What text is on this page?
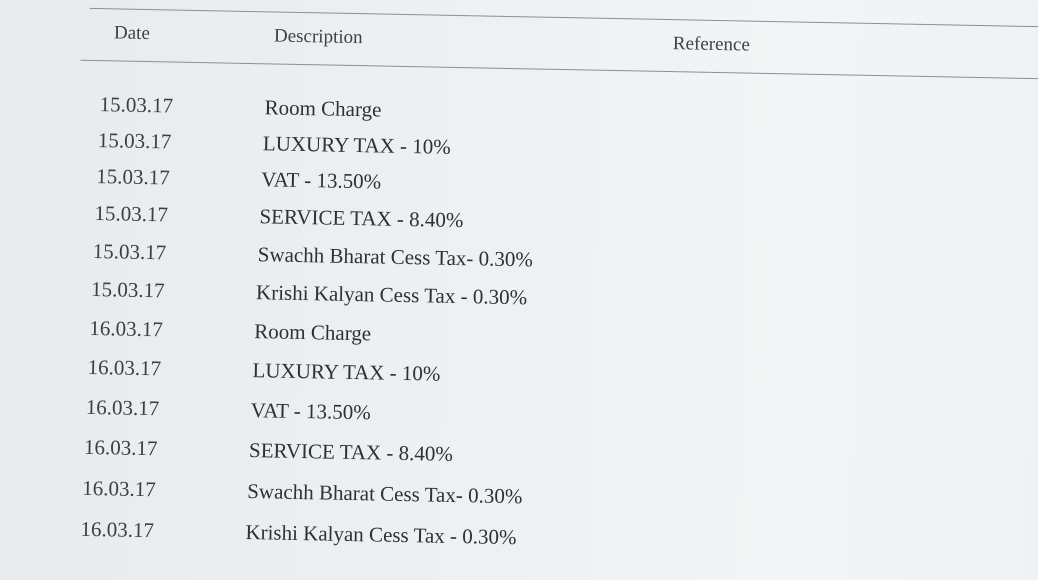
Date	Description	Reference
15.03.17	Room Charge
15.03.17	LUXURY TAX - 10%
15.03.17	VAT - 13.50%
15.03.17	SERVICE TAX - 8.40%
15.03.17	Swachh Bharat Cess Tax- 0.30%
15.03.17	Krishi Kalyan Cess Tax - 0.30%
16.03.17	Room Charge
16.03.17	LUXURY TAX - 10%
16.03.17	VAT - 13.50%
16.03.17	SERVICE TAX - 8.40%
16.03.17	Swachh Bharat Cess Tax- 0.30%
16.03.17	Krishi Kalyan Cess Tax - 0.30%
